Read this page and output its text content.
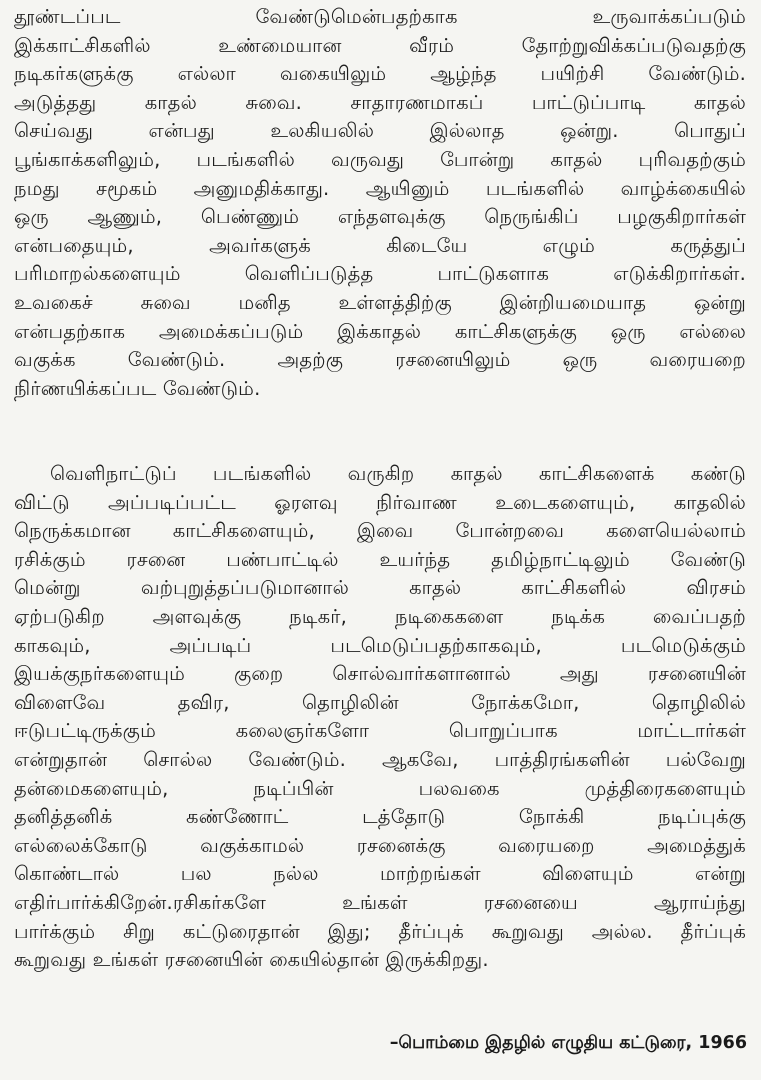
தூண்டப்பட வேண்டுமென்பதற்காக உருவாக்கப்படும்
இக்காட்சிகளில் உண்மையான வீரம் தோற்றுவிக்கப்படுவதற்கு
நடிகர்களுக்கு எல்லா வகையிலும் ஆழ்ந்த பயிற்சி வேண்டும்.
அடுத்தது காதல் சுவை. சாதாரணமாகப் பாட்டுப்பாடி காதல்
செய்வது என்பது உலகியலில் இல்லாத ஒன்று. பொதுப்
பூங்காக்களிலும், படங்களில் வருவது போன்று காதல் புரிவதற்கும்
நமது சமூகம் அனுமதிக்காது. ஆயினும் படங்களில் வாழ்க்கையில்
ஒரு ஆணும், பெண்ணும் எந்தளவுக்கு நெருங்கிப் பழகுகிறார்கள்
என்பதையும், அவர்களுக் கிடையே எழும் கருத்துப்
பரிமாறல்களையும் வெளிப்படுத்த பாட்டுகளாக எடுக்கிறார்கள்.
உவகைச் சுவை மனித உள்ளத்திற்கு இன்றியமையாத ஒன்று
என்பதற்காக அமைக்கப்படும் இக்காதல் காட்சிகளுக்கு ஒரு எல்லை
வகுக்க வேண்டும். அதற்கு ரசனையிலும் ஒரு வரையறை
நிர்ணயிக்கப்பட வேண்டும்.
வெளிநாட்டுப் படங்களில் வருகிற காதல் காட்சிகளைக் கண்டு
விட்டு அப்படிப்பட்ட ஓரளவு நிர்வாண உடைகளையும், காதலில்
நெருக்கமான காட்சிகளையும், இவை போன்றவை களையெல்லாம்
ரசிக்கும் ரசனை பண்பாட்டில் உயர்ந்த தமிழ்நாட்டிலும் வேண்டு
மென்று வற்புறுத்தப்படுமானால் காதல் காட்சிகளில் விரசம்
ஏற்படுகிற அளவுக்கு நடிகர், நடிகைகளை நடிக்க வைப்பதற்
காகவும், அப்படிப் படமெடுப்பதற்காகவும், படமெடுக்கும்
இயக்குநர்களையும் குறை சொல்வார்களானால் அது ரசனையின்
விளைவே தவிர, தொழிலின் நோக்கமோ, தொழிலில்
ஈடுபட்டிருக்கும் கலைஞர்களோ பொறுப்பாக மாட்டார்கள்
என்றுதான் சொல்ல வேண்டும். ஆகவே, பாத்திரங்களின் பல்வேறு
தன்மைகளையும், நடிப்பின் பலவகை முத்திரைகளையும்
தனித்தனிக் கண்ணோட் டத்தோடு நோக்கி நடிப்புக்கு
எல்லைக்கோடு வகுக்காமல் ரசனைக்கு வரையறை அமைத்துக்
கொண்டால் பல நல்ல மாற்றங்கள் விளையும் என்று
எதிர்பார்க்கிறேன்.ரசிகர்களே உங்கள் ரசனையை ஆராய்ந்து
பார்க்கும் சிறு கட்டுரைதான் இது; தீர்ப்புக் கூறுவது அல்ல. தீர்ப்புக்
கூறுவது உங்கள் ரசனையின் கையில்தான் இருக்கிறது.
–பொம்மை இதழில் எழுதிய கட்டுரை, 1966
